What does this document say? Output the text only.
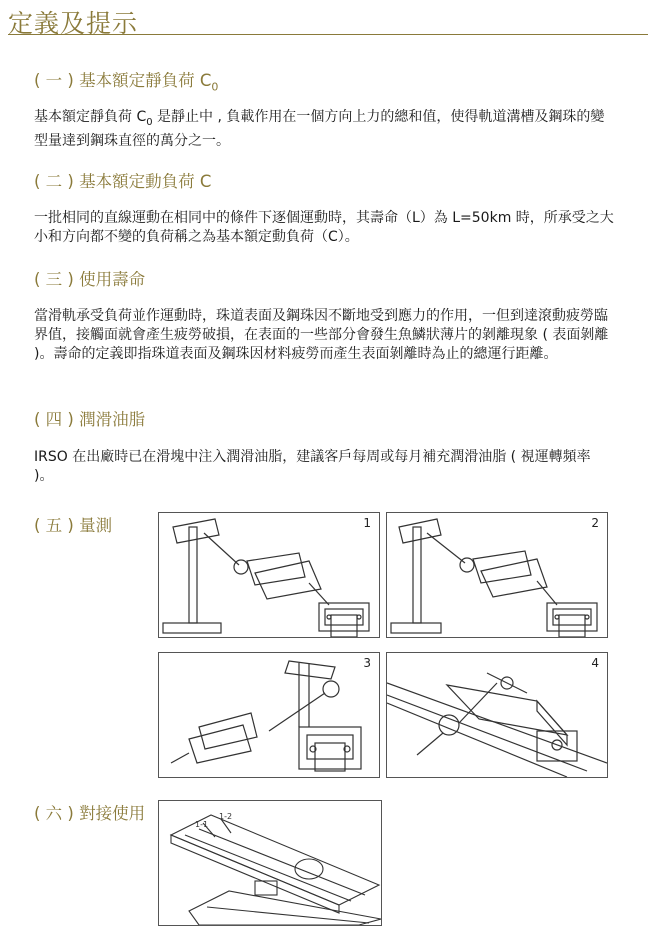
定義及提示
( 一 ) 基本額定靜負荷 $C_0$
基本額定靜負荷 $C_0$ 是靜止中 , 負載作用在一個方向上力的總和值，使得軌道溝槽及鋼珠的變型量達到鋼珠直徑的萬分之一。
( 二 ) 基本額定動負荷 C
一批相同的直線運動在相同中的條件下逐個運動時，其壽命（L）為 L=50km 時，所承受之大小和方向都不變的負荷稱之為基本額定動負荷（C）。
( 三 ) 使用壽命
當滑軌承受負荷並作運動時，珠道表面及鋼珠因不斷地受到應力的作用，一但到達滾動疲勞臨界值，接觸面就會產生疲勞破損，在表面的一些部分會發生魚鱗狀薄片的剝離現象 ( 表面剝離 )。壽命的定義即指珠道表面及鋼珠因材料疲勞而產生表面剝離時為止的總運行距離。
( 四 ) 潤滑油脂
IRSO 在出廠時已在滑塊中注入潤滑油脂，建議客戶每周或每月補充潤滑油脂 ( 視運轉頻率 )。
( 五 ) 量測	1	2
3	4
( 六 ) 對接使用
1-1
1-2
